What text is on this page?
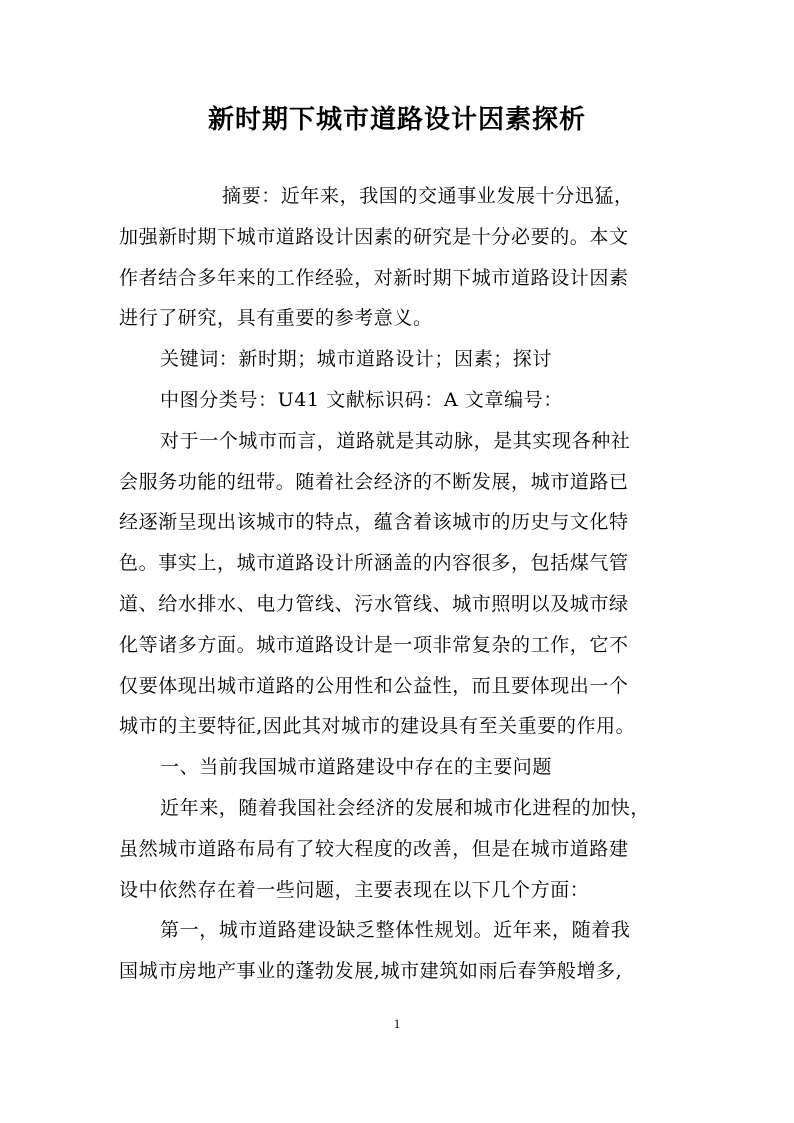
新时期下城市道路设计因素探析
摘要：近年来，我国的交通事业发展十分迅猛，
加强新时期下城市道路设计因素的研究是十分必要的。本文
作者结合多年来的工作经验，对新时期下城市道路设计因素
进行了研究，具有重要的参考意义。
关键词：新时期；城市道路设计；因素；探讨
中图分类号：U41 文献标识码：A 文章编号：
对于一个城市而言，道路就是其动脉，是其实现各种社
会服务功能的纽带。随着社会经济的不断发展，城市道路已
经逐渐呈现出该城市的特点，蕴含着该城市的历史与文化特
色。事实上，城市道路设计所涵盖的内容很多，包括煤气管
道、给水排水、电力管线、污水管线、城市照明以及城市绿
化等诸多方面。城市道路设计是一项非常复杂的工作，它不
仅要体现出城市道路的公用性和公益性，而且要体现出一个
城市的主要特征,因此其对城市的建设具有至关重要的作用。
一、当前我国城市道路建设中存在的主要问题
近年来，随着我国社会经济的发展和城市化进程的加快，
虽然城市道路布局有了较大程度的改善，但是在城市道路建
设中依然存在着一些问题，主要表现在以下几个方面：
第一，城市道路建设缺乏整体性规划。近年来，随着我
国城市房地产事业的蓬勃发展,城市建筑如雨后春笋般增多,
1
